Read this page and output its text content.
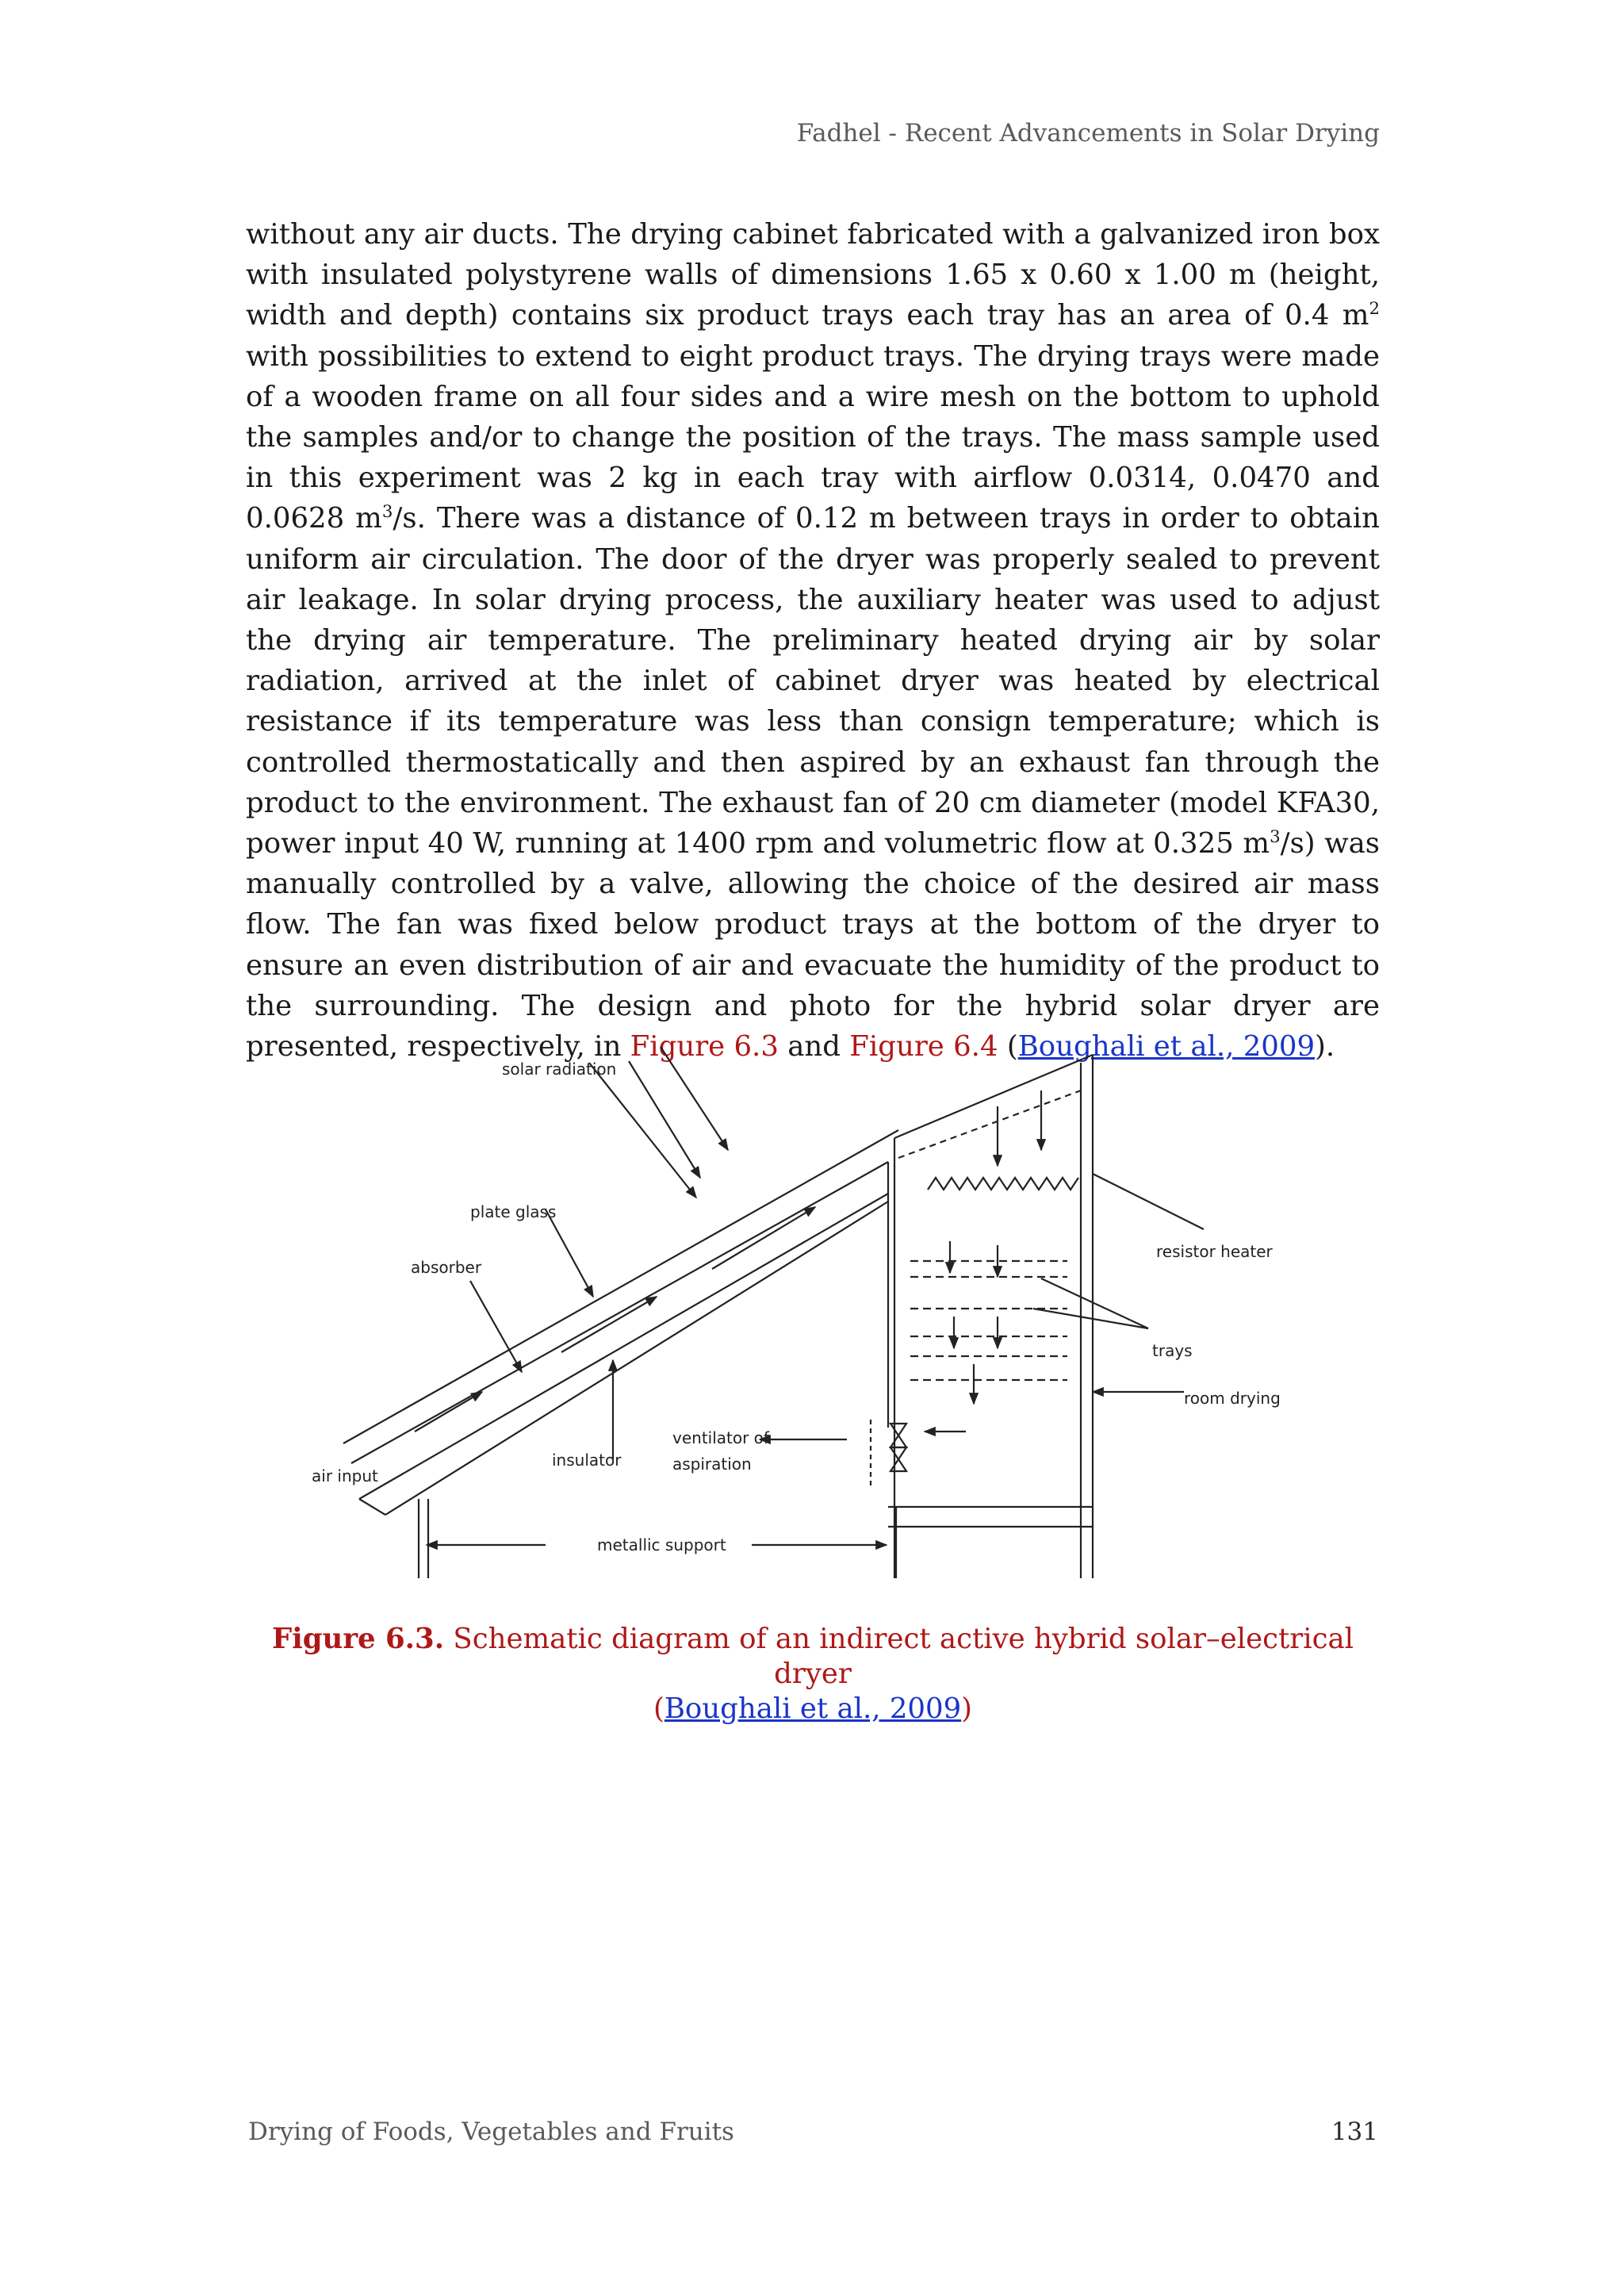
Fadhel - Recent Advancements in Solar Drying

without any air ducts. The drying cabinet fabricated with a galvanized iron box with insulated polystyrene walls of dimensions 1.65 x 0.60 x 1.00 m (height, width and depth) contains six product trays each tray has an area of 0.4 $m^2$ with possibilities to extend to eight product trays. The drying trays were made of a wooden frame on all four sides and a wire mesh on the bottom to uphold the samples and/or to change the position of the trays. The mass sample used in this experiment was 2 kg in each tray with airflow 0.0314, 0.0470 and 0.0628 $m^3/s$. There was a distance of 0.12 m between trays in order to obtain uniform air circulation. The door of the dryer was properly sealed to prevent air leakage. In solar drying process, the auxiliary heater was used to adjust the drying air temperature. The preliminary heated drying air by solar radiation, arrived at the inlet of cabinet dryer was heated by electrical resistance if its temperature was less than consign temperature; which is controlled thermostatically and then aspired by an exhaust fan through the product to the environment. The exhaust fan of 20 cm diameter (model KFA30, power input 40 W, running at 1400 rpm and volumetric flow at 0.325 $m^3/s$) was manually controlled by a valve, allowing the choice of the desired air mass flow. The fan was fixed below product trays at the bottom of the dryer to ensure an even distribution of air and evacuate the humidity of the product to the surrounding. The design and photo for the hybrid solar dryer are presented, respectively, in Figure 6.3 and Figure 6.4 (Boughali et al., 2009).

solar radiation
plate glass
absorber
air input
insulator
ventilator of
aspiration
metallic support
resistor heater
trays
room drying
Figure 6.3. Schematic diagram of an indirect active hybrid solar–electrical dryer
(Boughali et al., 2009)
Drying of Foods, Vegetables and Fruits	131
